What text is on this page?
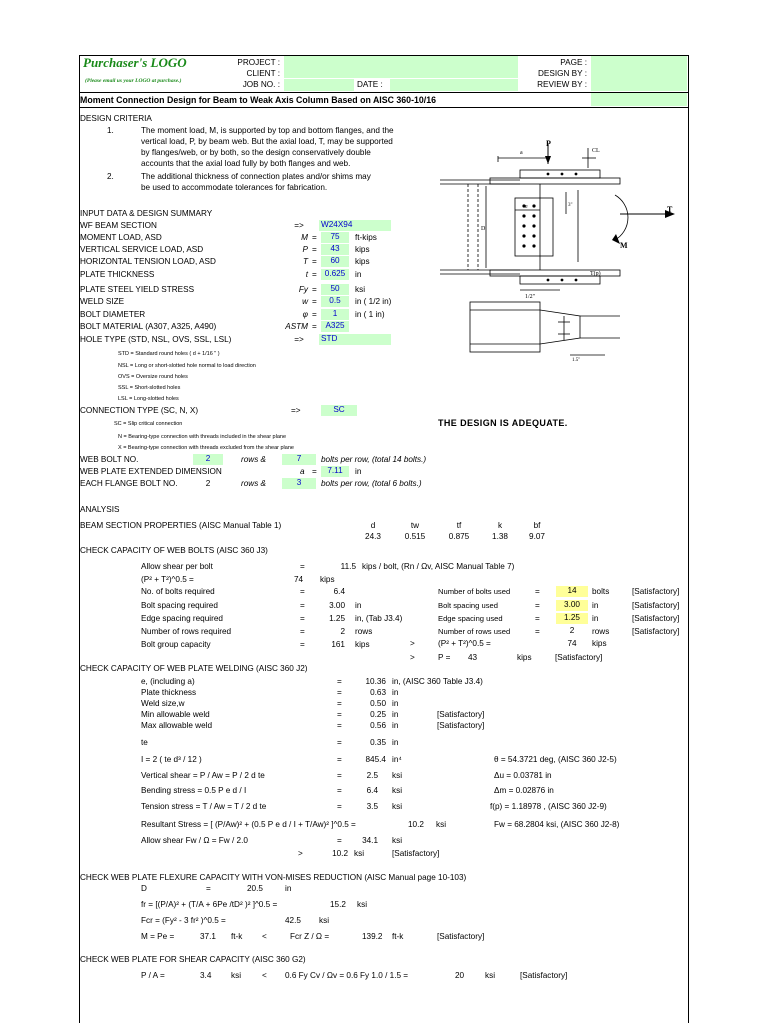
Purchaser's LOGO
(Please email us your LOGO at purchase.)
PROJECT :
CLIENT :
JOB NO. :	DATE :
PAGE :
DESIGN BY :
REVIEW BY :
Moment Connection Design for Beam to Weak Axis Column Based on AISC 360-10/16
DESIGN CRITERIA
1.	The moment load, M, is supported by top and bottom flanges, and the
vertical load, P, by beam web. But the axial load, T, may be supported
by flanges/web, or by both, so the design conservatively double
accounts that the axial load fully by both flanges and web.
2.	The additional thickness of connection plates and/or shims may
be used to accommodate tolerances for fabrication.
P
T
M
a
e
D
3"
1.5"
1/2"
T(p)
CL
INPUT DATA & DESIGN SUMMARY
WF BEAM SECTION	=>	W24X94
MOMENT LOAD, ASD	M =	75	ft-kips
VERTICAL SERVICE LOAD, ASD	P =	43	kips
HORIZONTAL TENSION LOAD, ASD	T =	60	kips
PLATE THICKNESS	t = 0.625	in
PLATE STEEL YIELD STRESS	Fy =	50	ksi
WELD SIZE	w =	0.5	in ( 1/2 in)
BOLT DIAMETER	φ =	1	in ( 1 in)
BOLT MATERIAL (A307, A325, A490)	ASTM =	A325
HOLE TYPE (STD, NSL, OVS, SSL, LSL)	=>	STD
STD = Standard round holes ( d + 1/16 " )
NSL = Long or short-slotted hole normal to load direction
OVS = Oversize round holes
SSL = Short-slotted holes
LSL = Long-slotted holes
CONNECTION TYPE (SC, N, X)	=>	SC
SC = Slip critical connection
N = Bearing-type connection with threads included in the shear plane
X = Bearing-type connection with threads excluded from the shear plane
THE DESIGN IS ADEQUATE.
WEB BOLT NO.	2	rows &	7	bolts per row, (total 14 bolts.)
WEB PLATE EXTENDED DIMENSION	a =	7.11	in
EACH FLANGE BOLT NO.	2	rows &	3	bolts per row, (total 6 bolts.)
ANALYSIS
BEAM SECTION PROPERTIES (AISC Manual Table 1)	d	tw	tf	k	bf
24.3	0.515	0.875	1.38	9.07
CHECK CAPACITY OF WEB BOLTS (AISC 360 J3)
Allow shear per bolt	=	11.5 kips / bolt, (Rn / Ωv, AISC Manual Table 7)
(P² + T²)^0.5 =	74 kips
No. of bolts required	=	6.4
Bolt spacing required	=	3.00 in
Edge spacing required	=	1.25 in, (Tab J3.4)
Number of rows required	=	2 rows
Bolt group capacity	=	161 kips
Number of bolts used	=	14	bolts	[Satisfactory]
Bolt spacing used	=	3.00	in	[Satisfactory]
Edge spacing used	=	1.25	in	[Satisfactory]
Number of rows used	=	2	rows	[Satisfactory]
>	(P² + T²)^0.5 =	74	kips
>	P = 43	kips	[Satisfactory]
CHECK CAPACITY OF WEB PLATE WELDING (AISC 360 J2)
e, (including a)	=	10.36 in, (AISC 360 Table J3.4)
Plate thickness	=	0.63 in
Weld size,w	=	0.50 in
Min allowable weld	=	0.25 in	[Satisfactory]
Max allowable weld	=	0.56 in	[Satisfactory]
te	=	0.35 in
I = 2 ( te d³ / 12 )	=	845.4 in⁴
Vertical shear = P / Aw = P / 2 d te	=	2.5 ksi
Bending stress = 0.5 P e d / I	=	6.4 ksi
Tension stress = T / Aw = T / 2 d te	=	3.5 ksi
Resultant Stress = [ (P/Aw)² + (0.5 P e d / I + T/Aw)² ]^0.5 =	10.2 ksi
Allow shear Fw / Ω = Fw / 2.0	=	34.1 ksi
>	10.2 ksi	[Satisfactory]
θ = 54.3721 deg, (AISC 360 J2-5)
Δu = 0.03781 in
Δm = 0.02876 in
f(p) = 1.18978 , (AISC 360 J2-9)
Fw = 68.2804 ksi, (AISC 360 J2-8)
CHECK WEB PLATE FLEXURE CAPACITY WITH VON-MISES REDUCTION (AISC Manual page 10-103)
D	=	20.5	in
fr = [(P/A)² + (T/A + 6Pe /tD² )² ]^0.5 =	15.2 ksi
Fcr = (Fy² - 3 fr² )^0.5 =	42.5 ksi
M = Pe =	37.1 ft-k <	Fcr Z / Ω =	139.2 ft-k	[Satisfactory]
CHECK WEB PLATE FOR SHEAR CAPACITY (AISC 360 G2)
P / A =	3.4 ksi	< 0.6 Fy Cv / Ωv = 0.6 Fy 1.0 / 1.5 =	20	ksi	[Satisfactory]
